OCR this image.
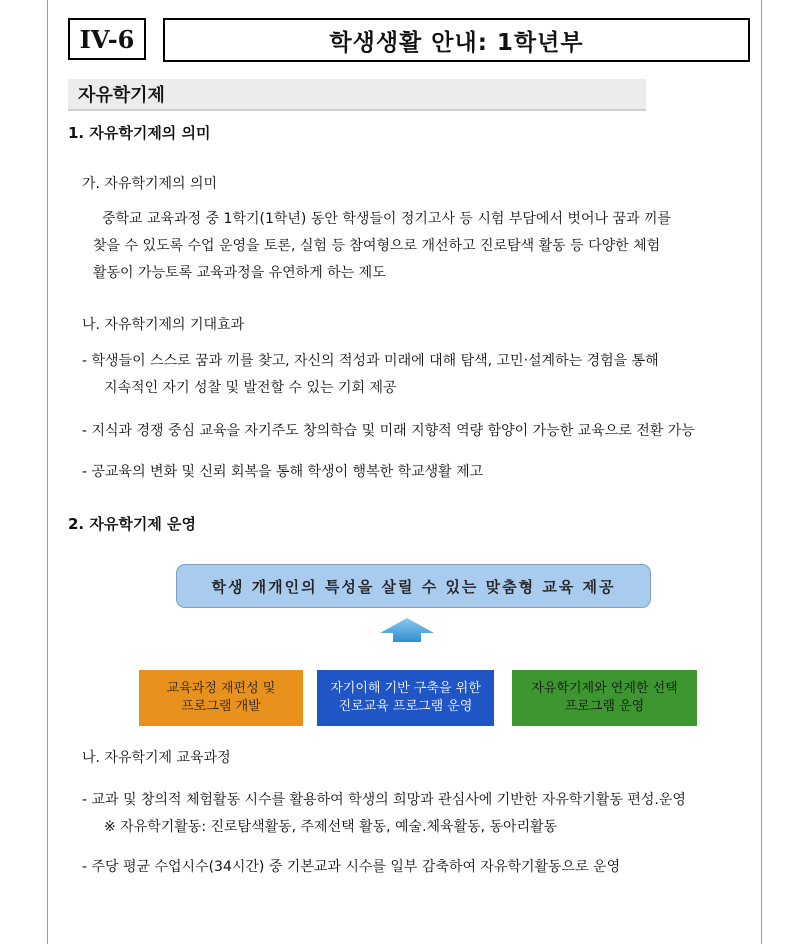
IV-6	학생생활 안내: 1학년부
자유학기제
1. 자유학기제의 의미
가. 자유학기제의 의미
중학교 교육과정 중 1학기(1학년) 동안 학생들이 정기고사 등 시험 부담에서 벗어나 꿈과 끼를
찾을 수 있도록 수업 운영을 토론, 실험 등 참여형으로 개선하고 진로탐색 활동 등 다양한 체험
활동이 가능토록 교육과정을 유연하게 하는 제도
나. 자유학기제의 기대효과
- 학생들이 스스로 꿈과 끼를 찾고, 자신의 적성과 미래에 대해 탐색, 고민‧설계하는 경험을 통해
지속적인 자기 성찰 및 발전할 수 있는 기회 제공
- 지식과 경쟁 중심 교육을 자기주도 창의학습 및 미래 지향적 역량 함양이 가능한 교육으로 전환 가능
- 공교육의 변화 및 신뢰 회복을 통해 학생이 행복한 학교생활 제고
2. 자유학기제 운영
학생 개개인의 특성을 살릴 수 있는 맞춤형 교육 제공
교육과정 재편성 및
프로그램 개발
자기이해 기반 구축을 위한
진로교육 프로그램 운영
자유학기제와 연계한 선택
프로그램 운영
나. 자유학기제 교육과정
- 교과 및 창의적 체험활동 시수를 활용하여 학생의 희망과 관심사에 기반한 자유학기활동 편성.운영
※ 자유학기활동: 진로탐색활동, 주제선택 활동, 예술.체육활동, 동아리활동
- 주당 평균 수업시수(34시간) 중 기본교과 시수를 일부 감축하여 자유학기활동으로 운영
